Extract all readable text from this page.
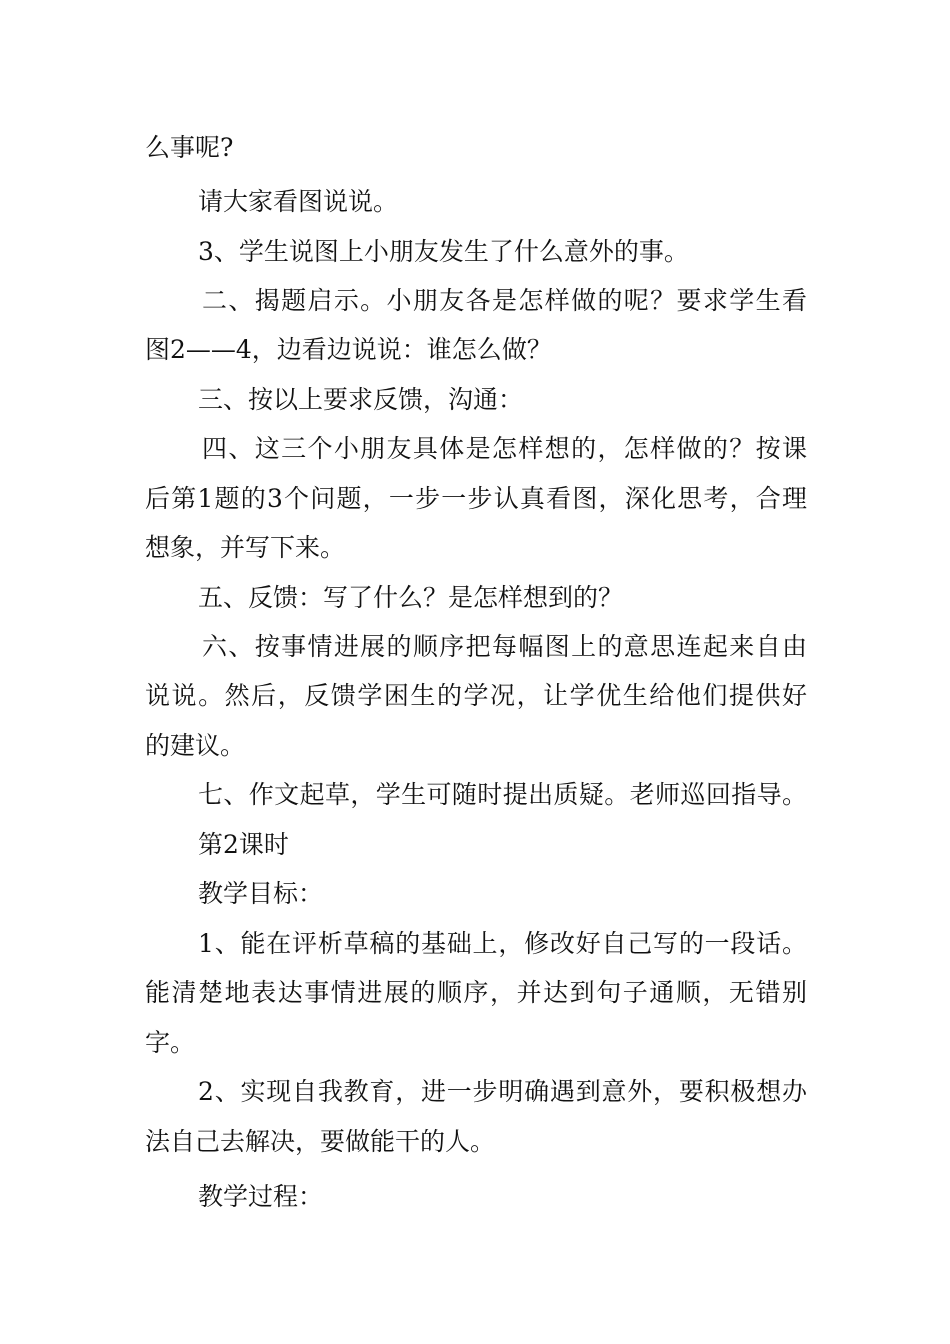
么事呢?
请大家看图说说。
3、学生说图上小朋友发生了什么意外的事。
二、揭题启示。小朋友各是怎样做的呢？要求学生看
图2——4，边看边说说：谁怎么做？
三、按以上要求反馈，沟通：
四、这三个小朋友具体是怎样想的，怎样做的？按课
后第1题的3个问题，一步一步认真看图，深化思考，合理
想象，并写下来。
五、反馈：写了什么？是怎样想到的？
六、按事情进展的顺序把每幅图上的意思连起来自由
说说。然后，反馈学困生的学况，让学优生给他们提供好
的建议。
七、作文起草，学生可随时提出质疑。老师巡回指导。
第2课时
教学目标：
1、能在评析草稿的基础上，修改好自己写的一段话。
能清楚地表达事情进展的顺序，并达到句子通顺，无错别
字。
2、实现自我教育，进一步明确遇到意外，要积极想办
法自己去解决，要做能干的人。
教学过程：
